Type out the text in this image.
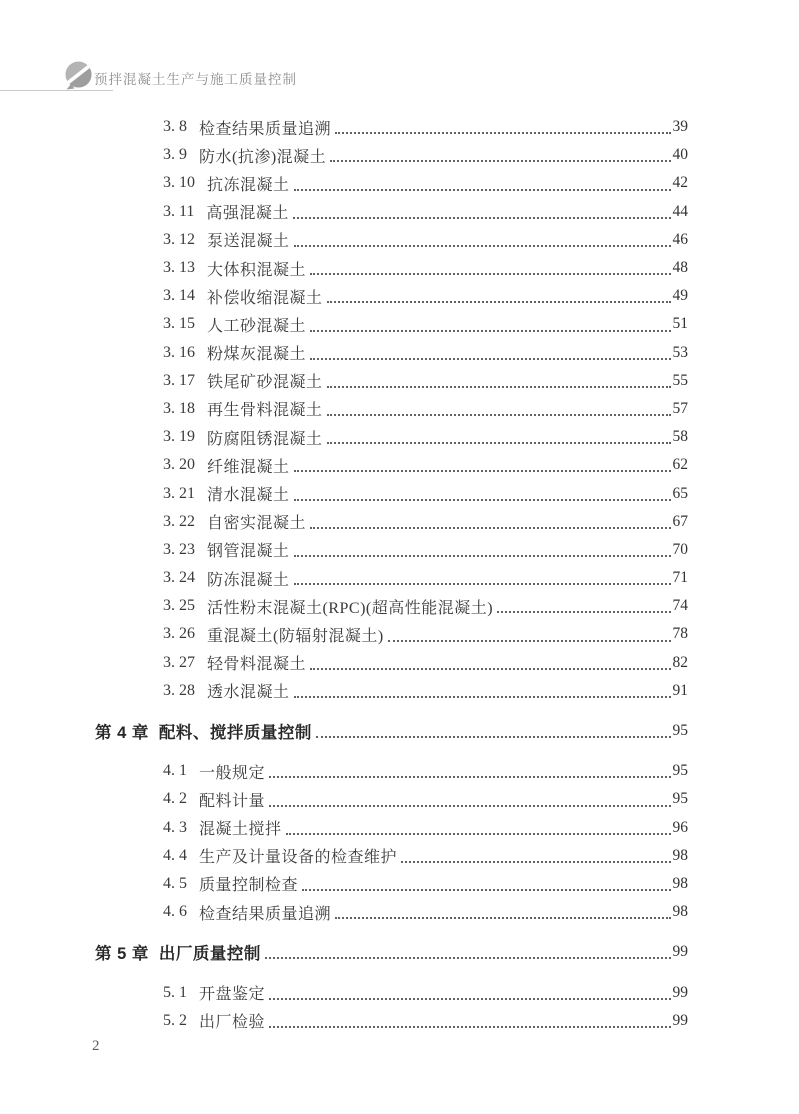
预拌混凝土生产与施工质量控制
3. 8 检查结果质量追溯	39
3. 9 防水(抗渗)混凝土	40
3. 10 抗冻混凝土	42
3. 11 高强混凝土	44
3. 12 泵送混凝土	46
3. 13 大体积混凝土	48
3. 14 补偿收缩混凝土	49
3. 15 人工砂混凝土	51
3. 16 粉煤灰混凝土	53
3. 17 铁尾矿砂混凝土	55
3. 18 再生骨料混凝土	57
3. 19 防腐阻锈混凝土	58
3. 20 纤维混凝土	62
3. 21 清水混凝土	65
3. 22 自密实混凝土	67
3. 23 钢管混凝土	70
3. 24 防冻混凝土	71
3. 25 活性粉末混凝土(RPC)(超高性能混凝土)	74
3. 26 重混凝土(防辐射混凝土)	78
3. 27 轻骨料混凝土	82
3. 28 透水混凝土	91
第 4 章 配料、搅拌质量控制	95
4. 1 一般规定	95
4. 2 配料计量	95
4. 3 混凝土搅拌	96
4. 4 生产及计量设备的检查维护	98
4. 5 质量控制检查	98
4. 6 检查结果质量追溯	98
第 5 章 出厂质量控制	99
5. 1 开盘鉴定	99
5. 2 出厂检验	99
2
